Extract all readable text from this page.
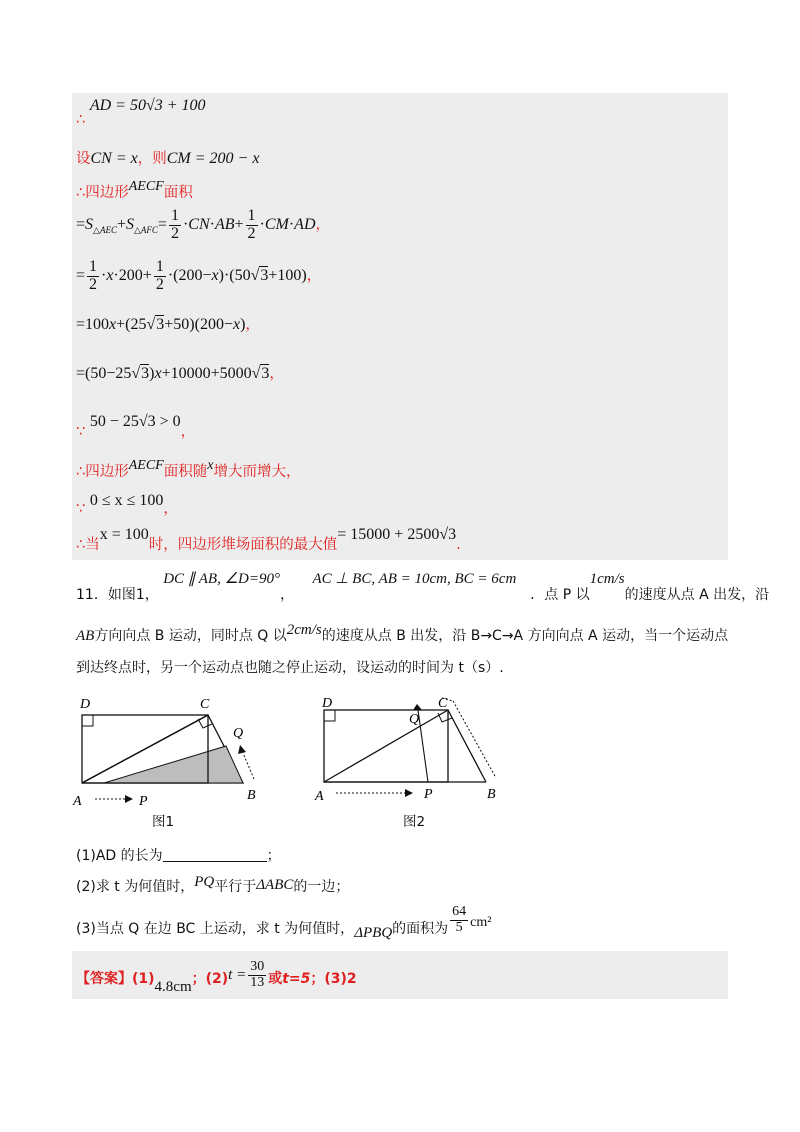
∴ AD = 50√3 + 100
设CN = x，则CM = 200 − x
∴四边形AECF面积
$=S_{\triangle AEC}+S_{\triangle AFC}= \frac{1}{2} \cdot CN\cdot AB+ \frac{1}{2} \cdot CM\cdot AD$，
= $\frac{1}{2} \cdot x\cdot 200+ \frac{1}{2} \cdot(200-x)\cdot(50√3+100)$，
=100x+(25√3+50)(200−x)，
=(50−25√3)x+10000+5000√3，
∵ 50 − 25√3 > 0，
∴四边形AECF面积随x增大而增大，
∵ 0 ≤ x ≤ 100，
∴当x = 100时，四边形堆场面积的最大值= 15000 + 2500√3.
11．如图1， DC ∥ AB, ∠D=90°， AC ⊥ BC, AB = 10cm, BC = 6cm．点 P 以1cm/s的速度从点 A 出发，沿
AB方向向点 B 运动，同时点 Q 以2cm/s的速度从点 B 出发，沿 B→C→A 方向向点 A 运动，当一个运动点
到达终点时，另一个运动点也随之停止运动，设运动的时间为 t（s）.
D	C
Q
A	P	B
图1
D	C
Q
A	P	B
图2
(1)AD 的长为	；
(2)求 t 为何值时，PQ平行于ΔABC的一边；
(3)当点 Q 在边 BC 上运动，求 t 为何值时，ΔPBQ的面积为 $\frac{64}{5} cm^2$
【答案】(1)4.8cm；$(2)t = \frac{30}{13}$ 或t=5；(3)2
